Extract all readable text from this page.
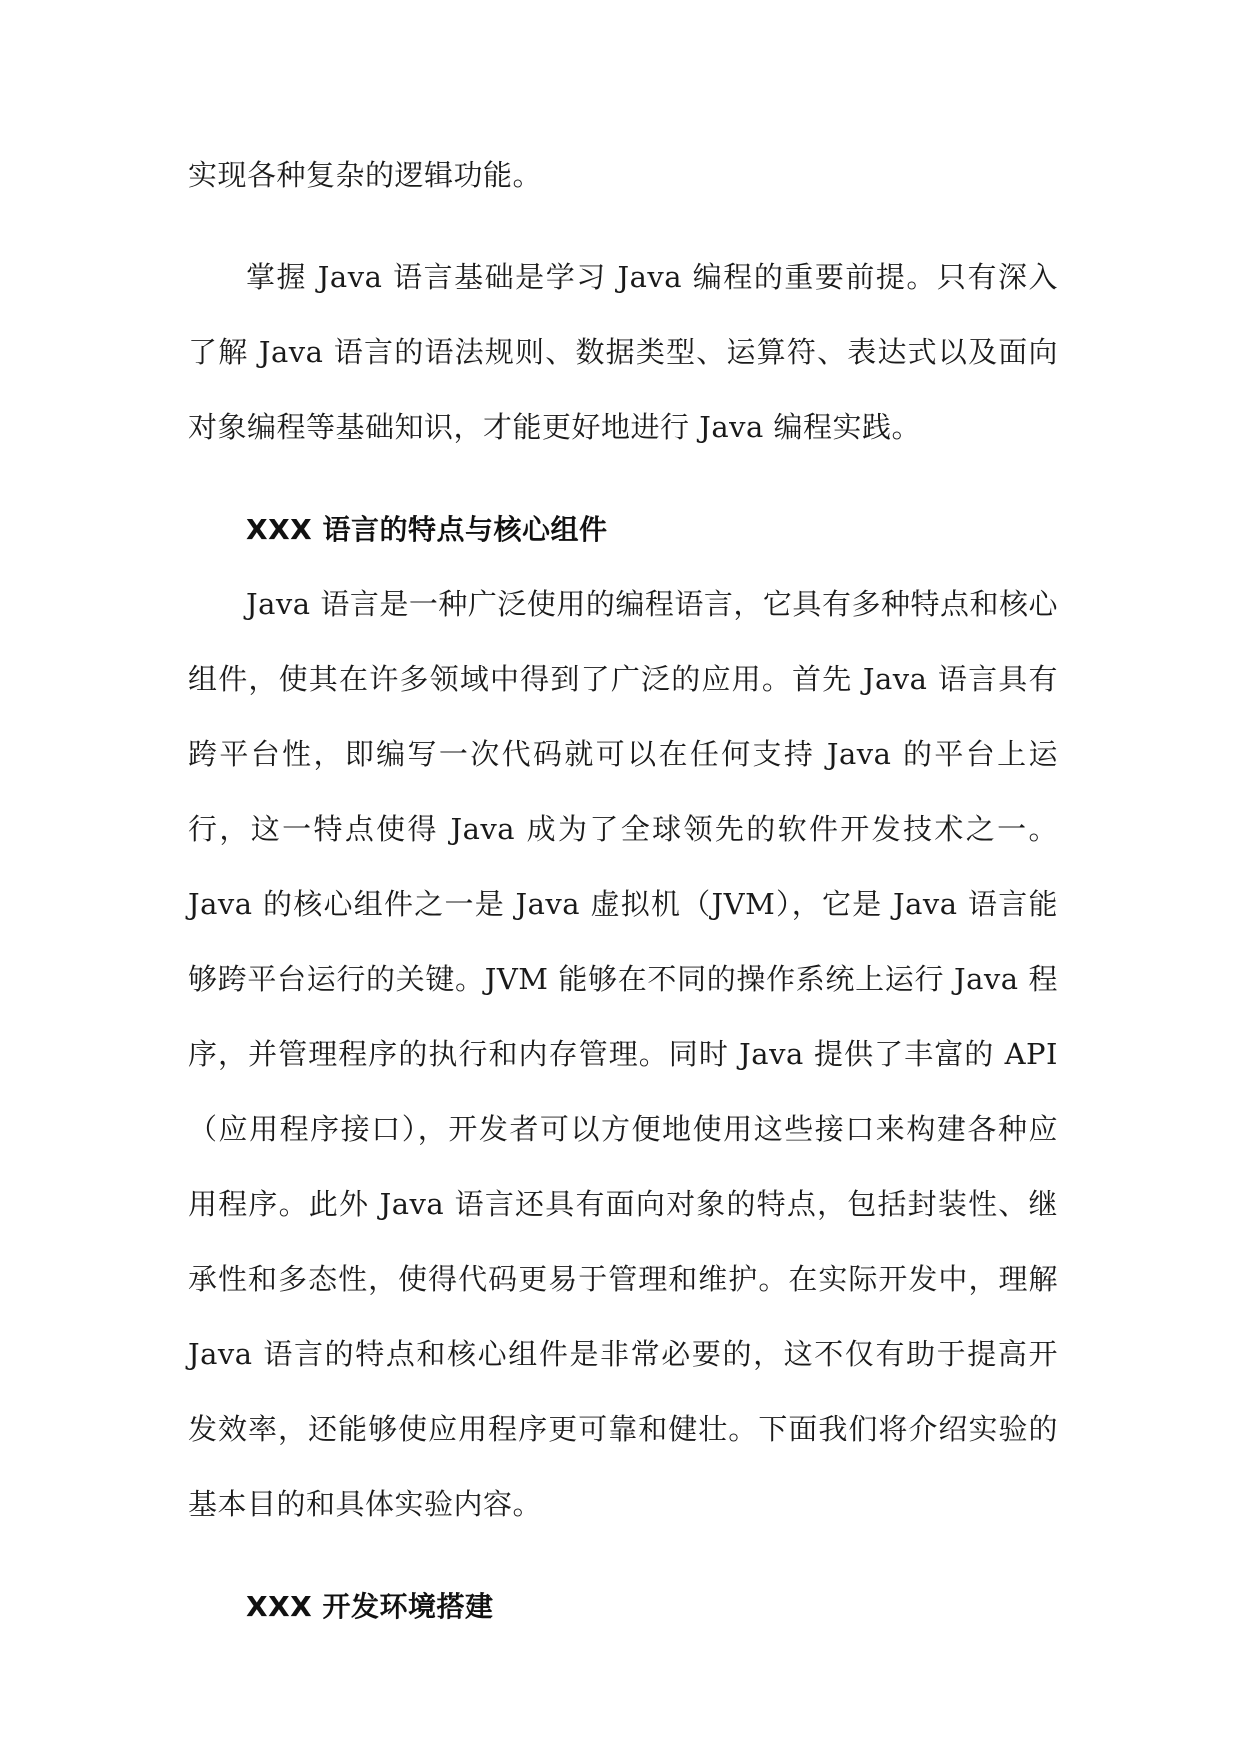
实现各种复杂的逻辑功能。

掌握 Java 语言基础是学习 Java 编程的重要前提。只有深入了解 Java 语言的语法规则、数据类型、运算符、表达式以及面向对象编程等基础知识，才能更好地进行 Java 编程实践。

XXX 语言的特点与核心组件

Java 语言是一种广泛使用的编程语言，它具有多种特点和核心组件，使其在许多领域中得到了广泛的应用。首先 Java 语言具有跨平台性，即编写一次代码就可以在任何支持 Java 的平台上运行，这一特点使得 Java 成为了全球领先的软件开发技术之一。Java 的核心组件之一是 Java 虚拟机（JVM），它是 Java 语言能够跨平台运行的关键。JVM 能够在不同的操作系统上运行 Java 程序，并管理程序的执行和内存管理。同时 Java 提供了丰富的 API（应用程序接口），开发者可以方便地使用这些接口来构建各种应用程序。此外 Java 语言还具有面向对象的特点，包括封装性、继承性和多态性，使得代码更易于管理和维护。在实际开发中，理解 Java 语言的特点和核心组件是非常必要的，这不仅有助于提高开发效率，还能够使应用程序更可靠和健壮。下面我们将介绍实验的基本目的和具体实验内容。

XXX 开发环境搭建
